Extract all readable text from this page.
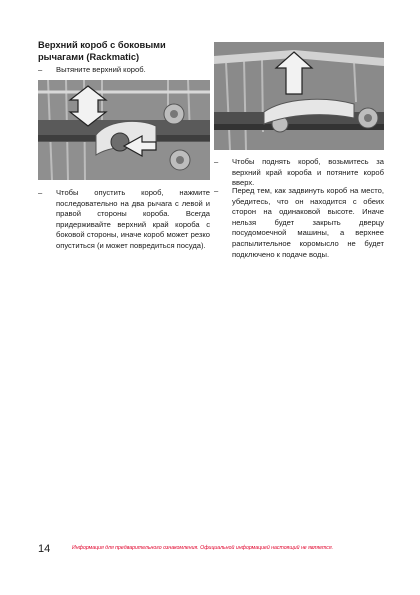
Верхний короб с боковыми
рычагами (Rackmatic)
–	Вытяните верхний короб.
–	Чтобы опустить короб, нажмите последовательно на два рычага с левой и правой стороны короба. Всегда придерживайте верхний край короба с боковой стороны, иначе короб может резко опуститься (и может повредиться посуда).
–	Чтобы поднять короб, возьмитесь за верхний край короба и потяните короб вверх.
–	Перед тем, как задвинуть короб на место, убедитесь, что он находится с обеих сторон на одинаковой высоте. Иначе нельзя будет закрыть дверцу посудомоечной машины, а верхнее распылительное коромысло не будет подключено к подаче воды.
14	Информация для предварительного ознакомления. Официальной информацией настоящий не является.
